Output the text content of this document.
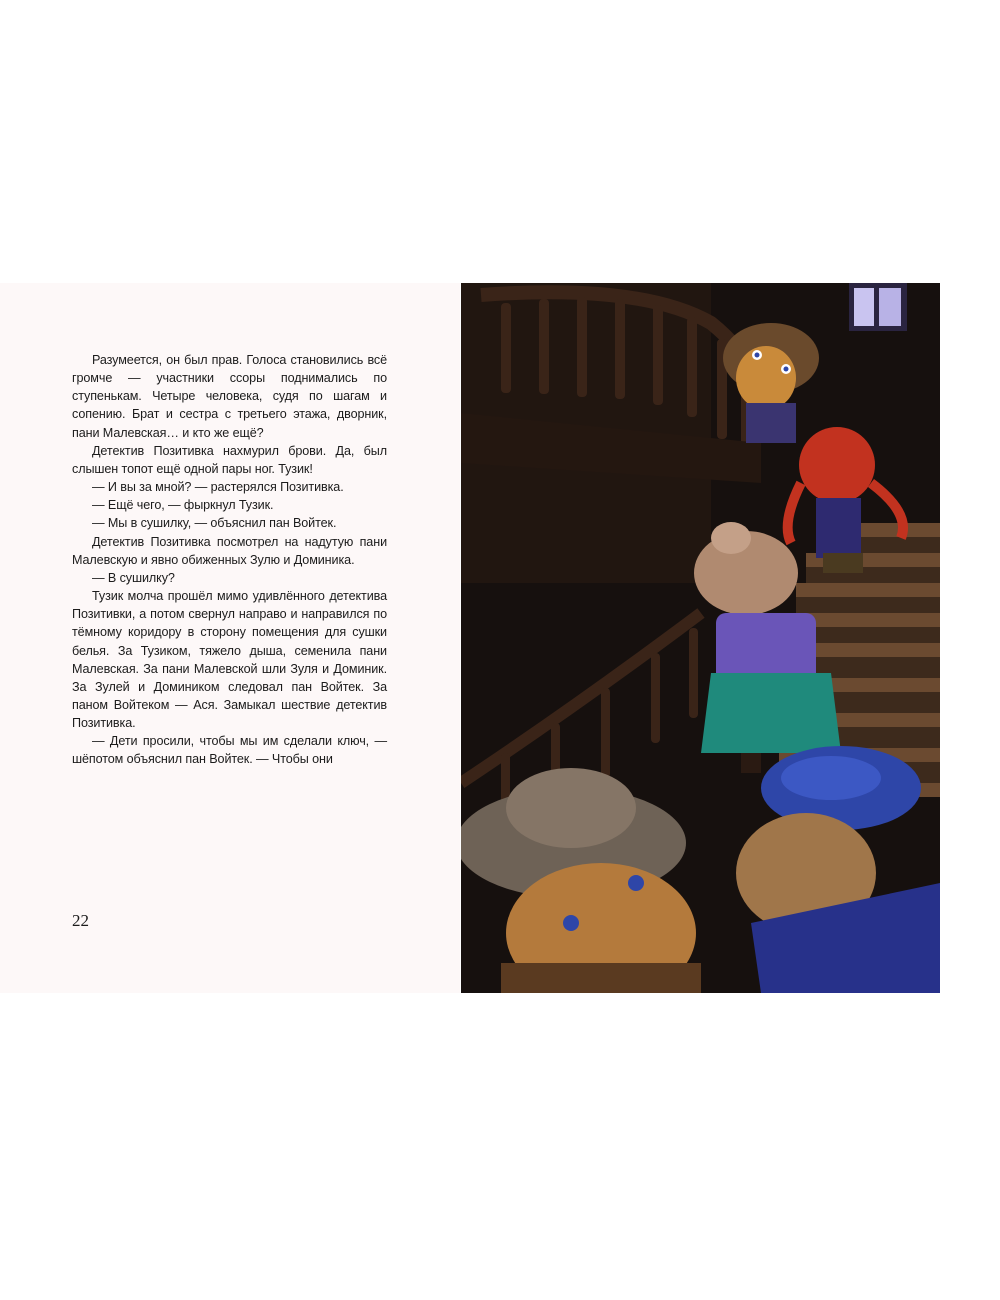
Разумеется, он был прав. Голоса становились всё громче — участники ссоры поднимались по ступенькам. Четыре человека, судя по шагам и сопению. Брат и сестра с третьего этажа, дворник, пани Малевская… и кто же ещё?

Детектив Позитивка нахмурил брови. Да, был слышен топот ещё одной пары ног. Тузик!

— И вы за мной? — растерялся Позитивка.

— Ещё чего, — фыркнул Тузик.

— Мы в сушилку, — объяснил пан Войтек.

Детектив Позитивка посмотрел на надутую пани Малевскую и явно обиженных Зулю и Доминика.

— В сушилку?

Тузик молча прошёл мимо удивлённого детектива Позитивки, а потом свернул направо и направился по тёмному коридору в сторону помещения для сушки белья. За Тузиком, тяжело дыша, семенила пани Малевская. За пани Малевской шли Зуля и Доминик. За Зулей и Домиником следовал пан Войтек. За паном Войтеком — Ася. Замыкал шествие детектив Позитивка.

— Дети просили, чтобы мы им сделали ключ, — шёпотом объяснил пан Войтек. — Чтобы они

22
